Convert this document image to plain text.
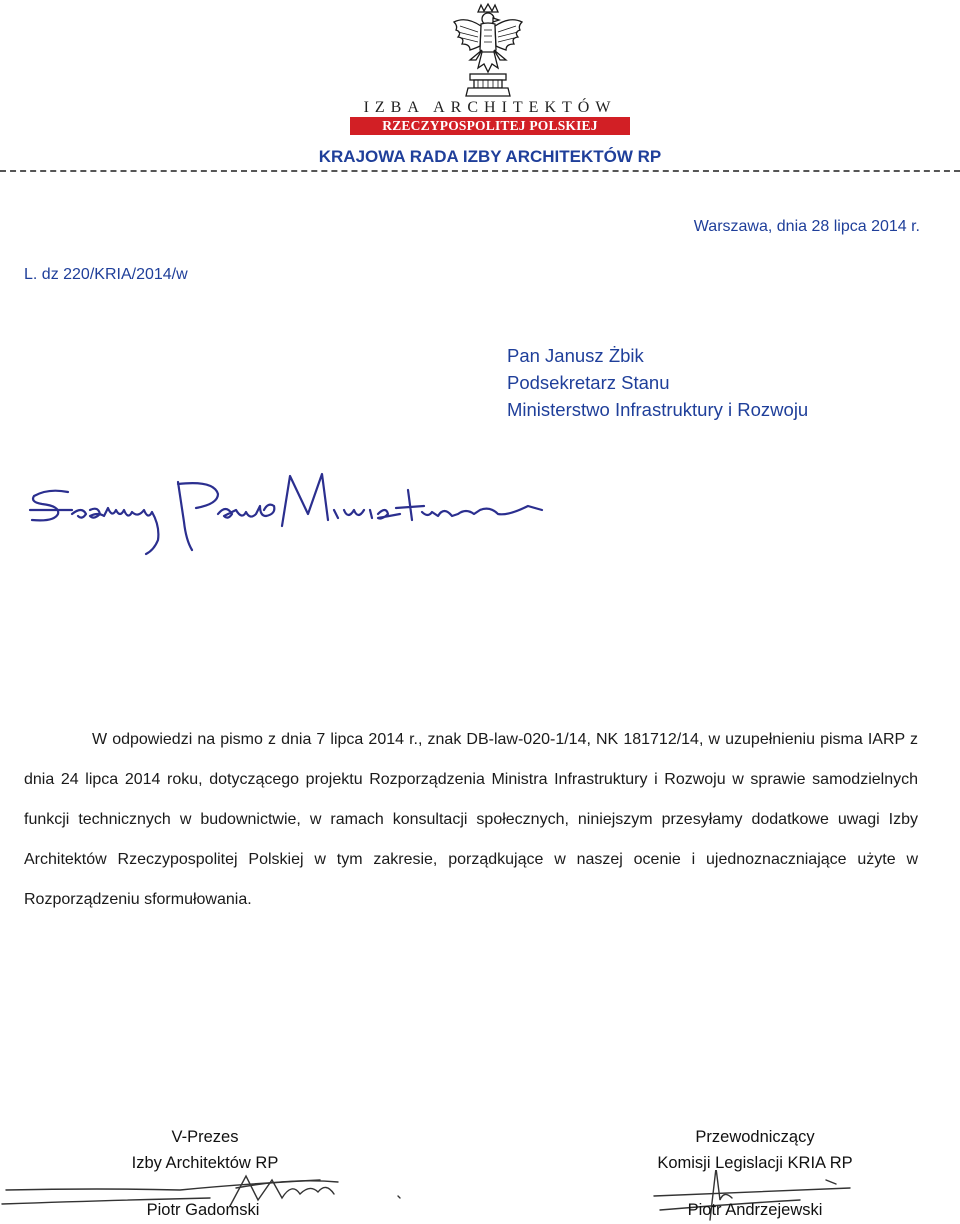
IZBA ARCHITEKTÓW
RZECZYPOSPOLITEJ POLSKIEJ
KRAJOWA RADA IZBY ARCHITEKTÓW RP
Warszawa, dnia 28 lipca 2014 r.
L. dz 220/KRIA/2014/w
Pan Janusz Żbik
Podsekretarz Stanu
Ministerstwo Infrastruktury i Rozwoju
W odpowiedzi na pismo z dnia 7 lipca 2014 r., znak DB-law-020-1/14, NK 181712/14, w uzupełnieniu pisma IARP z dnia 24 lipca 2014 roku, dotyczącego projektu Rozporządzenia Ministra Infrastruktury i Rozwoju w sprawie samodzielnych funkcji technicznych w budownictwie, w ramach konsultacji społecznych, niniejszym przesyłamy dodatkowe uwagi Izby Architektów Rzeczypospolitej Polskiej w tym zakresie, porządkujące w naszej ocenie i ujednoznaczniające użyte w Rozporządzeniu sformułowania.
V-Prezes
Izby Architektów RP
Piotr Gadomski
Przewodniczący
Komisji Legislacji KRIA RP
Piotr Andrzejewski
